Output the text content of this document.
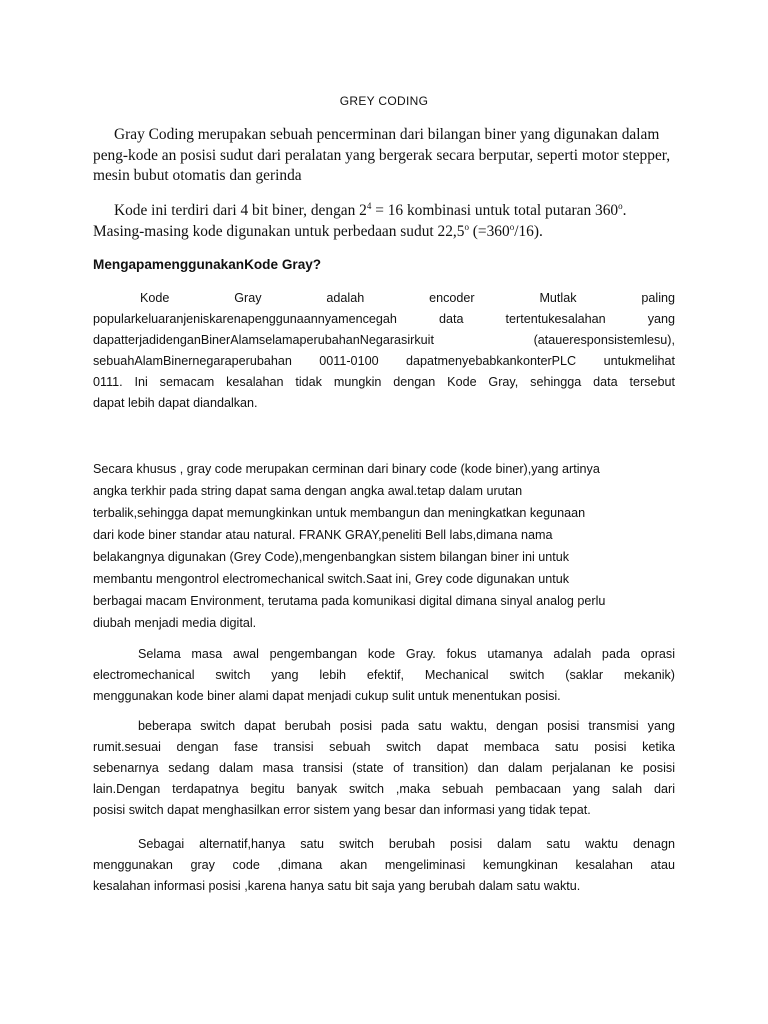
GREY CODING
Gray Coding merupakan sebuah pencerminan dari bilangan biner yang digunakan dalam
peng-kode an posisi sudut dari peralatan yang bergerak secara berputar, seperti motor stepper,
mesin bubut otomatis dan gerinda
Kode ini terdiri dari 4 bit biner, dengan $2^4 = 16$ kombinasi untuk total putaran 360$^o$.
Masing-masing kode digunakan untuk perbedaan sudut 22,5$^o$ $(=360^o/16)$.
MengapamenggunakanKode Gray?
Kode Gray adalah encoder Mutlak paling
popularkeluaranjeniskarenapenggunaannyamencegah data tertentukesalahan yang
dapatterjadidenganBinerAlamselamaperubahanNegarasirkuit (ataueresponsistemlesu),
sebuahAlamBinernegaraperubahan 0011-0100 dapatmenyebabkankonterPLC untukmelihat
0111. Ini semacam kesalahan tidak mungkin dengan Kode Gray, sehingga data tersebut
dapat lebih dapat diandalkan.
Secara khusus , gray code merupakan cerminan dari binary code (kode biner),yang artinya
angka terkhir pada string dapat sama dengan angka awal.tetap dalam urutan
terbalik,sehingga dapat memungkinkan untuk membangun dan meningkatkan kegunaan
dari kode biner standar atau natural. FRANK GRAY,peneliti Bell labs,dimana nama
belakangnya digunakan (Grey Code),mengenbangkan sistem bilangan biner ini untuk
membantu mengontrol electromechanical switch.Saat ini, Grey code digunakan untuk
berbagai macam Environment, terutama pada komunikasi digital dimana sinyal analog perlu
diubah menjadi media digital.
Selama masa awal pengembangan kode Gray. fokus utamanya adalah pada oprasi
electromechanical switch yang lebih efektif, Mechanical switch (saklar mekanik)
menggunakan kode biner alami dapat menjadi cukup sulit untuk menentukan posisi.
beberapa switch dapat berubah posisi pada satu waktu, dengan posisi transmisi yang
rumit.sesuai dengan fase transisi sebuah switch dapat membaca satu posisi ketika
sebenarnya sedang dalam masa transisi (state of transition) dan dalam perjalanan ke posisi
lain.Dengan terdapatnya begitu banyak switch ,maka sebuah pembacaan yang salah dari
posisi switch dapat menghasilkan error sistem yang besar dan informasi yang tidak tepat.
Sebagai alternatif,hanya satu switch berubah posisi dalam satu waktu denagn
menggunakan gray code ,dimana akan mengeliminasi kemungkinan kesalahan atau
kesalahan informasi posisi ,karena hanya satu bit saja yang berubah dalam satu waktu.
